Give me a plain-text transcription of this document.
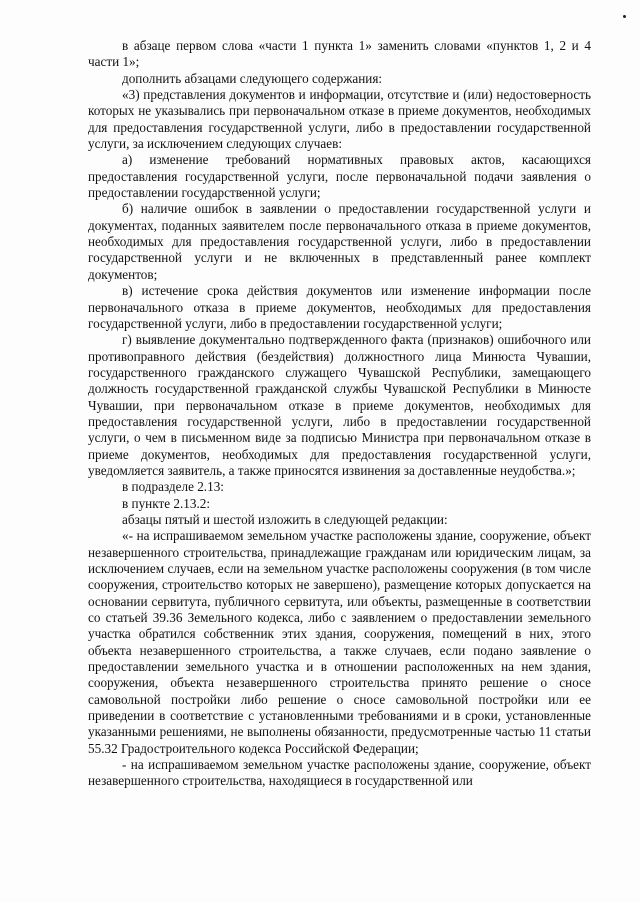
в абзаце первом слова «части 1 пункта 1» заменить словами «пунктов 1, 2 и 4 части 1»;

дополнить абзацами следующего содержания:

«3) представления документов и информации, отсутствие и (или) недостоверность которых не указывались при первоначальном отказе в приеме документов, необходимых для предоставления государственной услуги, либо в предоставлении государственной услуги, за исключением следующих случаев:

а) изменение требований нормативных правовых актов, касающихся предоставления государственной услуги, после первоначальной подачи заявления о предоставлении государственной услуги;

б) наличие ошибок в заявлении о предоставлении государственной услуги и документах, поданных заявителем после первоначального отказа в приеме документов, необходимых для предоставления государственной услуги, либо в предоставлении государственной услуги и не включенных в представленный ранее комплект документов;

в) истечение срока действия документов или изменение информации после первоначального отказа в приеме документов, необходимых для предоставления государственной услуги, либо в предоставлении государственной услуги;

г) выявление документально подтвержденного факта (признаков) ошибочного или противоправного действия (бездействия) должностного лица Минюста Чувашии, государственного гражданского служащего Чувашской Республики, замещающего должность государственной гражданской службы Чувашской Республики в Минюсте Чувашии, при первоначальном отказе в приеме документов, необходимых для предоставления государственной услуги, либо в предоставлении государственной услуги, о чем в письменном виде за подписью Министра при первоначальном отказе в приеме документов, необходимых для предоставления государственной услуги, уведомляется заявитель, а также приносятся извинения за доставленные неудобства.»;

в подразделе 2.13:

в пункте 2.13.2:

абзацы пятый и шестой изложить в следующей редакции:

«- на испрашиваемом земельном участке расположены здание, сооружение, объект незавершенного строительства, принадлежащие гражданам или юридическим лицам, за исключением случаев, если на земельном участке расположены сооружения (в том числе сооружения, строительство которых не завершено), размещение которых допускается на основании сервитута, публичного сервитута, или объекты, размещенные в соответствии со статьей 39.36 Земельного кодекса, либо с заявлением о предоставлении земельного участка обратился собственник этих здания, сооружения, помещений в них, этого объекта незавершенного строительства, а также случаев, если подано заявление о предоставлении земельного участка и в отношении расположенных на нем здания, сооружения, объекта незавершенного строительства принято решение о сносе самовольной постройки либо решение о сносе самовольной постройки или ее приведении в соответствие с установленными требованиями и в сроки, установленные указанными решениями, не выполнены обязанности, предусмотренные частью 11 статьи 55.32 Градостроительного кодекса Российской Федерации;

- на испрашиваемом земельном участке расположены здание, сооружение, объект незавершенного строительства, находящиеся в государственной или
